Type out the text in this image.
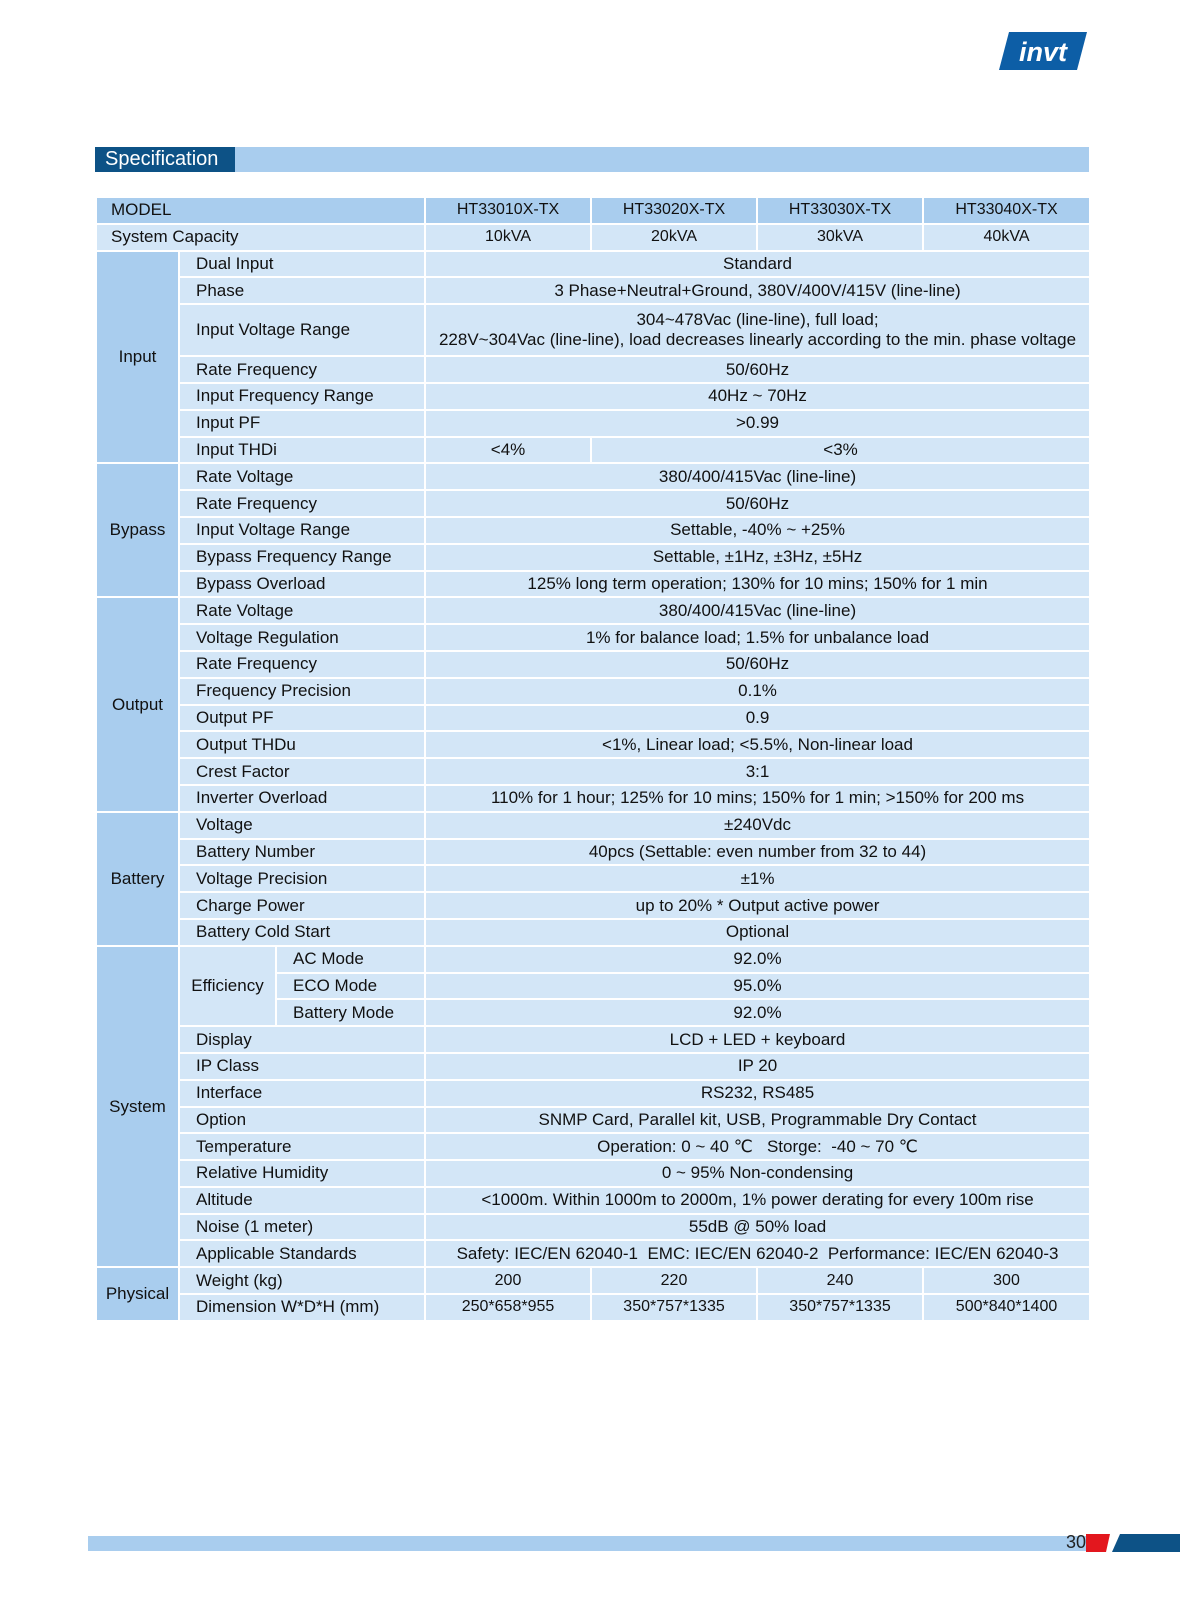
invt
Specification
MODEL			HT33010X-TX	HT33020X-TX	HT33030X-TX	HT33040X-TX
System Capacity			10kVA	20kVA	30kVA	40kVA
Input	Dual Input		Standard			
	Phase		3 Phase+Neutral+Ground, 380V/400V/415V (line-line)			
	Input Voltage Range		304~478Vac (line-line), full load;
228V~304Vac (line-line), load decreases linearly according to the min. phase voltage			

	Rate Frequency		50/60Hz			
	Input Frequency Range		40Hz ~ 70Hz			
	Input PF		>0.99			
	Input THDi		<4%	<3%		
Bypass	Rate Voltage		380/400/415Vac (line-line)			
	Rate Frequency		50/60Hz			
	Input Voltage Range		Settable, -40% ~ +25%			
	Bypass Frequency Range		Settable, ±1Hz, ±3Hz, ±5Hz			
	Bypass Overload		125% long term operation; 130% for 10 mins; 150% for 1 min			
Output	Rate Voltage		380/400/415Vac (line-line)			
	Voltage Regulation		1% for balance load; 1.5% for unbalance load			
	Rate Frequency		50/60Hz			
	Frequency Precision		0.1%			
	Output PF		0.9			
	Output THDu		<1%, Linear load; <5.5%, Non-linear load			
	Crest Factor		3:1			
	Inverter Overload		110% for 1 hour; 125% for 10 mins; 150% for 1 min; >150% for 200 ms			
Battery	Voltage		±240Vdc			
	Battery Number		40pcs (Settable: even number from 32 to 44)			
	Voltage Precision		±1%			
	Charge Power		up to 20% * Output active power			
	Battery Cold Start		Optional			
System	Efficiency	AC Mode	92.0%			
		ECO Mode	95.0%			
		Battery Mode	92.0%			
	Display		LCD + LED + keyboard			
	IP Class		IP 20			
	Interface		RS232, RS485			
	Option		SNMP Card, Parallel kit, USB, Programmable Dry Contact			
	Temperature		Operation: 0 ~ 40 ℃   Storge:  -40 ~ 70 ℃			
	Relative Humidity		0 ~ 95% Non-condensing			
	Altitude		<1000m. Within 1000m to 2000m, 1% power derating for every 100m rise			
	Noise (1 meter)		55dB @ 50% load			
	Applicable Standards		Safety: IEC/EN 62040-1  EMC: IEC/EN 62040-2  Performance: IEC/EN 62040-3			
Physical	Weight (kg)		200	220	240	300
	Dimension W*D*H (mm)		250*658*955	350*757*1335	350*757*1335	500*840*1400
30
